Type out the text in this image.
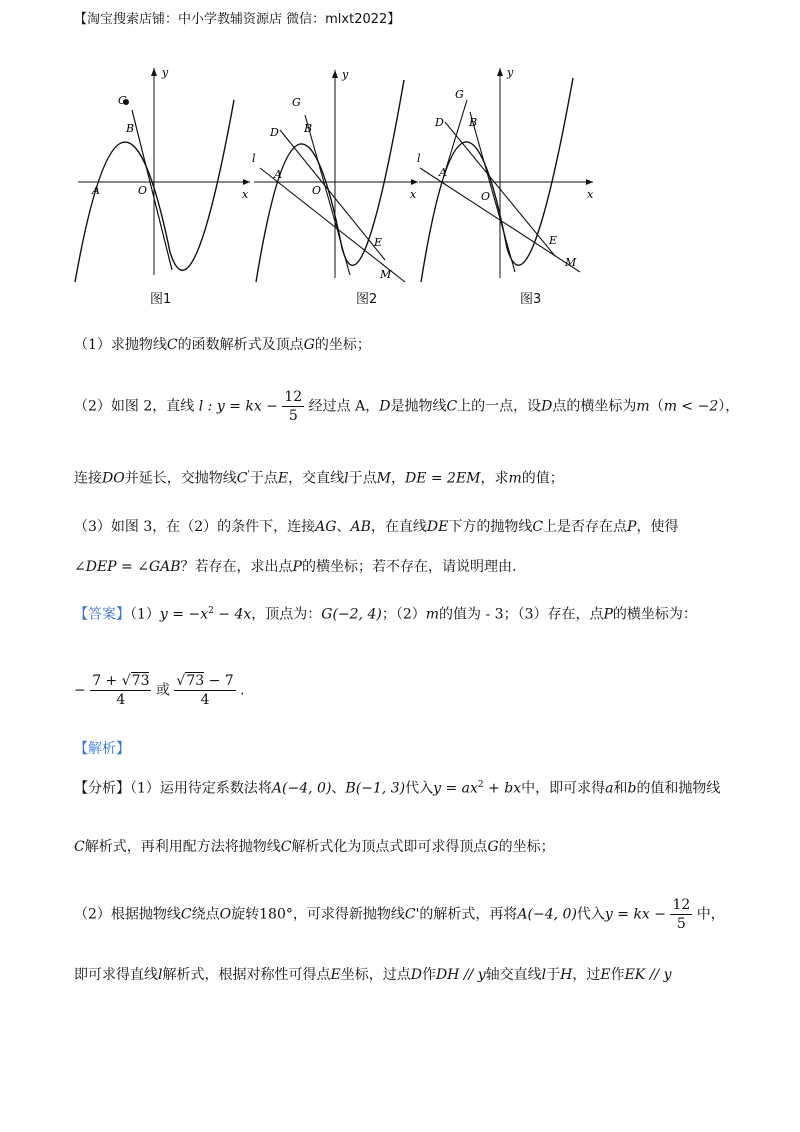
【淘宝搜索店铺：中小学教辅资源店 微信：mlxt2022】
y
x
O
A
G
B
y
x
O
A
G
D B
l
E
M
y
x
O
A
G
D B
l
E
M
图1	图2	图3
（1）求抛物线C的函数解析式及顶点G的坐标；
（2）如图 2，直线 l : y = kx − $\frac{12}{5}$ 经过点 A，D是抛物线C上的一点，设D点的横坐标为m（m < −2），
连接DO并延长，交抛物线C'于点E，交直线l于点M，DE = 2EM，求m的值；
（3）如图 3，在（2）的条件下，连接AG、AB，在直线DE下方的抛物线C上是否存在点P，使得
∠DEP = ∠GAB？若存在，求出点P的横坐标；若不存在，请说明理由.
【答案】$(1)y = -x^2 - 4x$，顶点为：G(−2, 4)；（2）m的值为 - 3；（3）存在，点P的横坐标为：
− $\frac{7 + √73}{4}$ 或 $\frac{√73 - 7}{4}$ .
【解析】
【分析】（1）运用待定系数法将A(−4, 0)、B(−1, 3)代入$y = ax^2$ + bx中，即可求得a和b的值和抛物线
C解析式，再利用配方法将抛物线C解析式化为顶点式即可求得顶点G的坐标；
（2）根据抛物线C绕点O旋转180°，可求得新抛物线C'的解析式，再将A(−4, 0)代入y = kx − $\frac{12}{5}$ 中，
即可求得直线l解析式，根据对称性可得点E坐标，过点D作DH // y轴交直线l于H，过E作EK // y
